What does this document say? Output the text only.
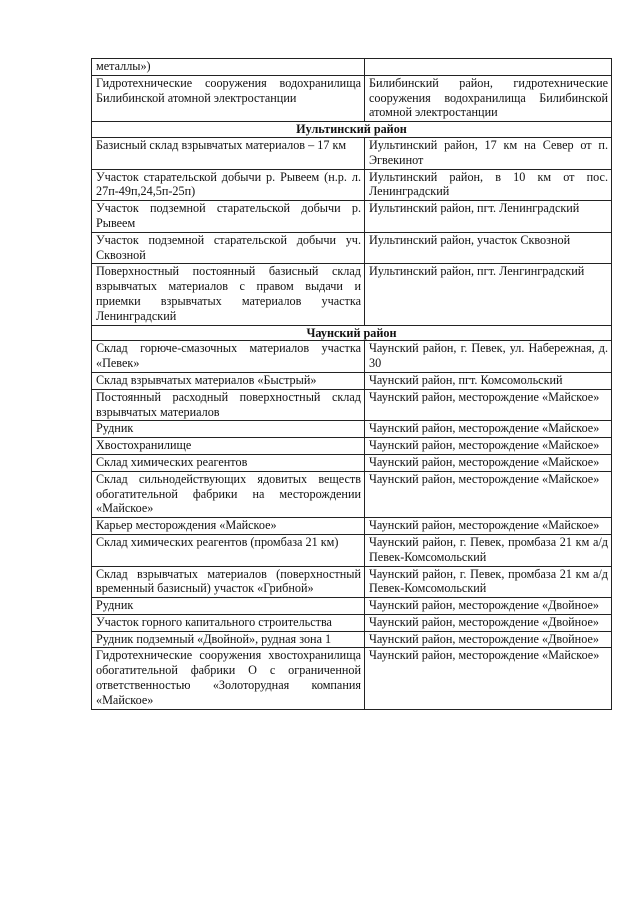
металлы»)	
Гидротехнические сооружения водохранилища Билибинской атомной электростанции	Билибинский район, гидротехнические сооружения водохранилища Билибинской атомной электростанции
Иультинский район	
Базисный склад взрывчатых материалов – 17 км	Иультинский район, 17 км на Север от п. Эгвекинот
Участок старательской добычи р. Рывеем (н.р. л. 27п-49п,24,5п-25п)	Иультинский район, в 10 км от пос. Ленинградский
Участок подземной старательской добычи р. Рывеем	Иультинский район, пгт. Ленинградский
Участок подземной старательской добычи уч. Сквозной	Иультинский район, участок Сквозной
Поверхностный постоянный базисный склад взрывчатых материалов с правом выдачи и приемки взрывчатых материалов участка Ленинградский	Иультинский район, пгт. Ленгинградский
Чаунский район	
Склад горюче-смазочных материалов участка «Певек»	Чаунский район, г. Певек, ул. Набережная, д. 30
Склад взрывчатых материалов «Быстрый»	Чаунский район, пгт. Комсомольский
Постоянный расходный поверхностный склад взрывчатых материалов	Чаунский район, месторождение «Майское»
Рудник	Чаунский район, месторождение «Майское»
Хвостохранилище	Чаунский район, месторождение «Майское»
Склад химических реагентов	Чаунский район, месторождение «Майское»
Склад сильнодействующих ядовитых веществ обогатительной фабрики на месторождении «Майское»	Чаунский район, месторождение «Майское»
Карьер месторождения «Майское»	Чаунский район, месторождение «Майское»
Склад химических реагентов (промбаза 21 км)	Чаунский район, г. Певек, промбаза 21 км а/д Певек-Комсомольский
Склад взрывчатых материалов (поверхностный временный базисный) участок «Грибной»	Чаунский район, г. Певек, промбаза 21 км а/д Певек-Комсомольский
Рудник	Чаунский район, месторождение «Двойное»
Участок горного капитального строительства	Чаунский район, месторождение «Двойное»
Рудник подземный «Двойной», рудная зона 1	Чаунский район, месторождение «Двойное»
Гидротехнические сооружения хвостохранилища обогатительной фабрики О с ограниченной ответственностью «Золоторудная компания «Майское»	Чаунский район, месторождение «Майское»
